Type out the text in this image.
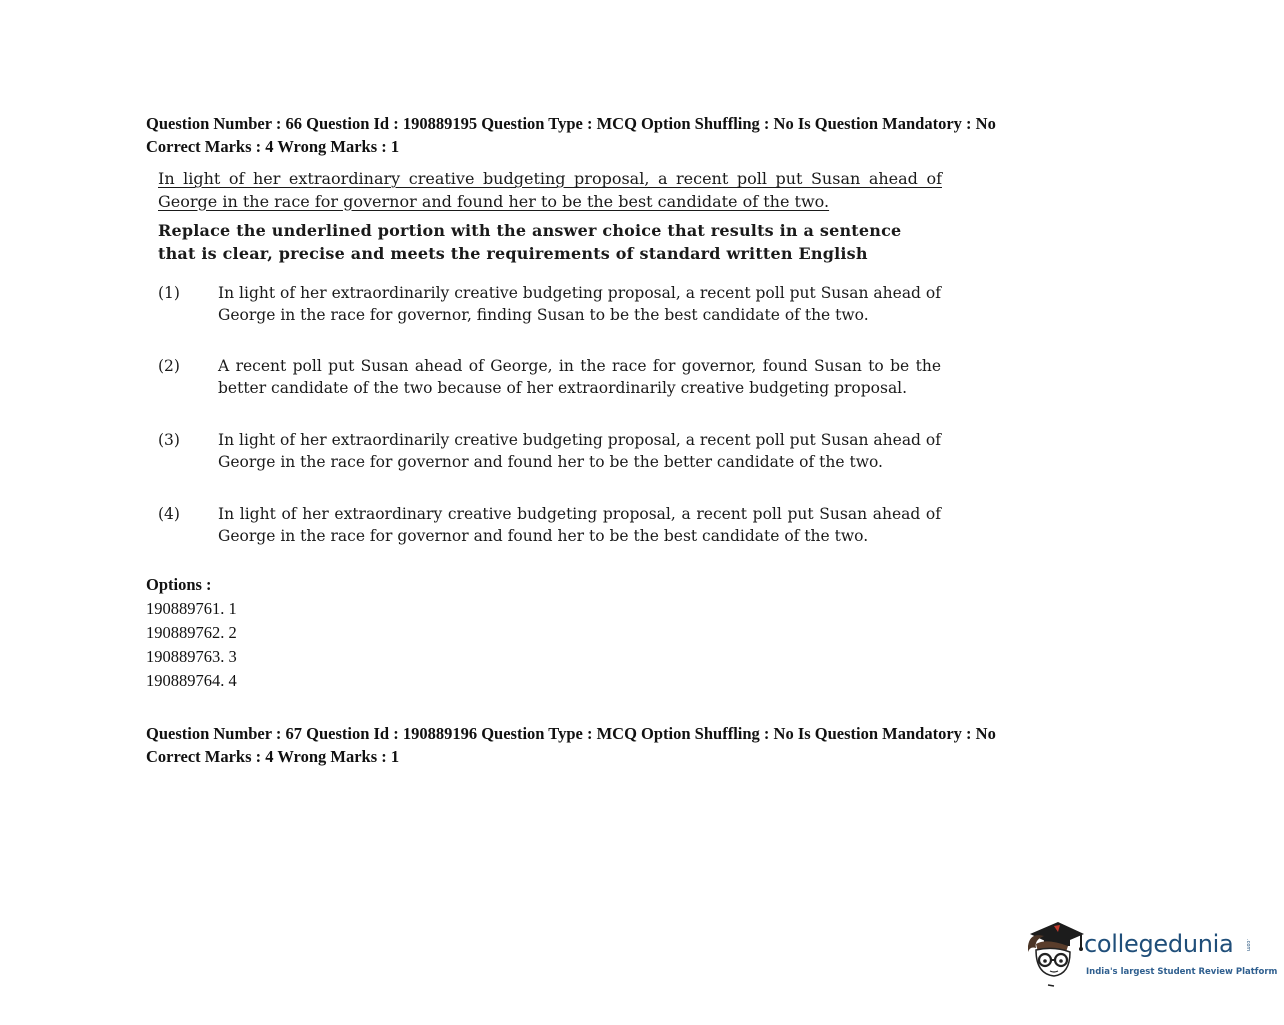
Question Number : 66 Question Id : 190889195 Question Type : MCQ Option Shuffling : No Is Question Mandatory : No
Correct Marks : 4 Wrong Marks : 1
In light of her extraordinary creative budgeting proposal, a recent poll put Susan ahead of George in the race for governor and found her to be the best candidate of the two.
Replace the underlined portion with the answer choice that results in a sentence that is clear, precise and meets the requirements of standard written English
(1) In light of her extraordinarily creative budgeting proposal, a recent poll put Susan ahead of George in the race for governor, finding Susan to be the best candidate of the two.
(2) A recent poll put Susan ahead of George, in the race for governor, found Susan to be the better candidate of the two because of her extraordinarily creative budgeting proposal.
(3) In light of her extraordinarily creative budgeting proposal, a recent poll put Susan ahead of George in the race for governor and found her to be the better candidate of the two.
(4) In light of her extraordinary creative budgeting proposal, a recent poll put Susan ahead of George in the race for governor and found her to be the best candidate of the two.
Options :
190889761. 1
190889762. 2
190889763. 3
190889764. 4
Question Number : 67 Question Id : 190889196 Question Type : MCQ Option Shuffling : No Is Question Mandatory : No
Correct Marks : 4 Wrong Marks : 1
collegedunia .com
India's largest Student Review Platform
